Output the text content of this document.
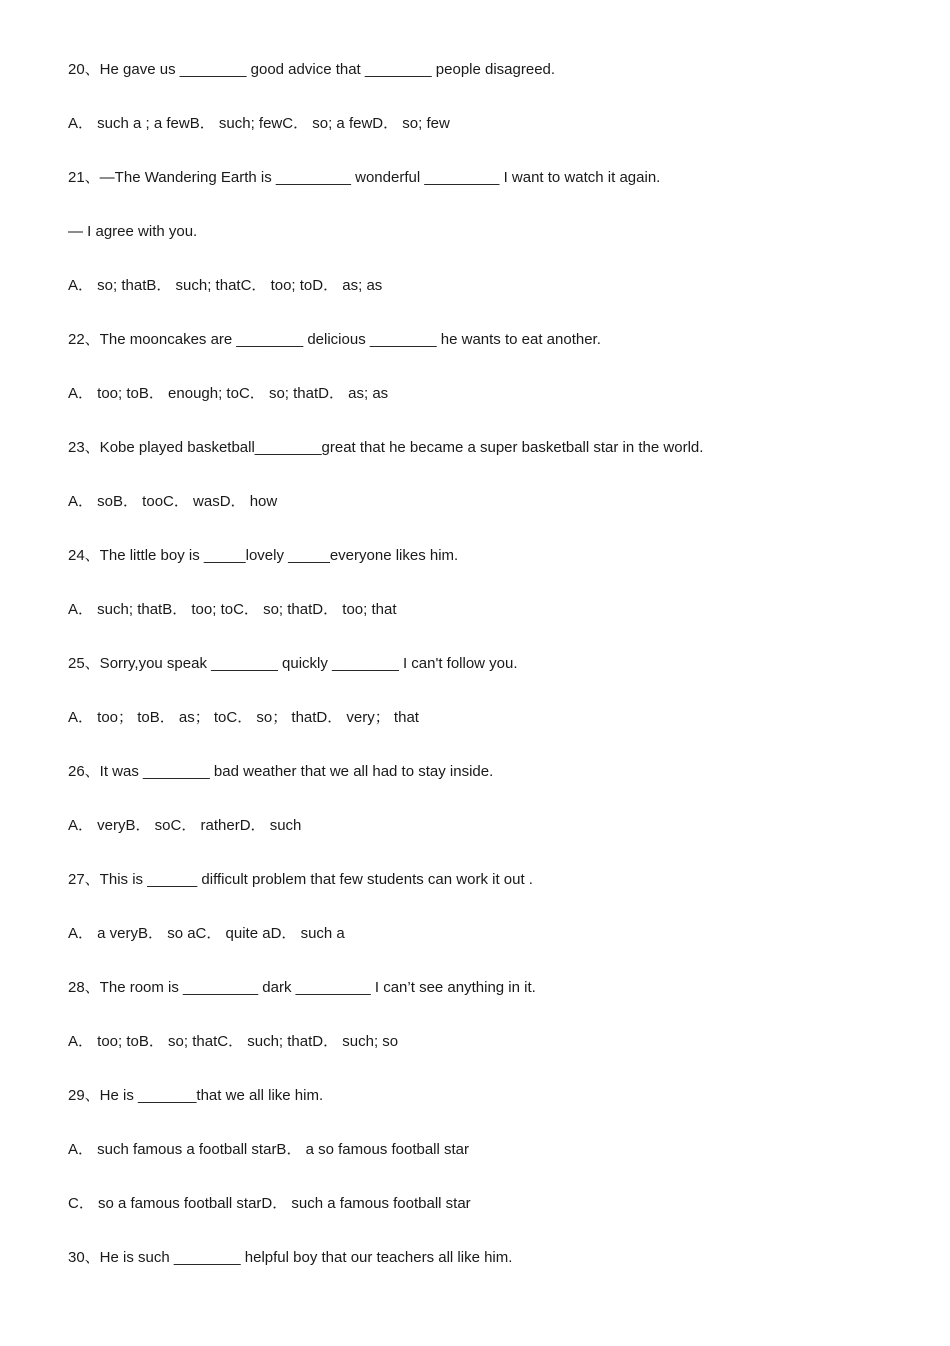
20、He gave us ________ good advice that ________ people disagreed.
A． such a ; a fewB． such; fewC． so; a fewD． so; few
21、—The Wandering Earth is _________ wonderful _________ I want to watch it again.
— I agree with you.
A． so; thatB． such; thatC． too; toD． as; as
22、The mooncakes are ________ delicious ________ he wants to eat another.
A． too; toB． enough; toC． so; thatD． as; as
23、Kobe played basketball________great that he became a super basketball star in the world.
A． soB． tooC． wasD． how
24、The little boy is _____lovely _____everyone likes him.
A． such; thatB． too; toC． so; thatD． too; that
25、Sorry,you speak ________ quickly ________ I can't follow you.
A． too； toB． as； toC． so； thatD． very； that
26、It was ________ bad weather that we all had to stay inside.
A． veryB． soC． ratherD． such
27、This is ______ difficult problem that few students can work it out .
A． a veryB． so aC． quite aD． such a
28、The room is _________ dark _________ I can’t see anything in it.
A． too; toB． so; thatC． such; thatD． such; so
29、He is _______that we all like him.
A． such famous a football starB． a so famous football star
C． so a famous football starD． such a famous football star
30、He is such ________ helpful boy that our teachers all like him.
